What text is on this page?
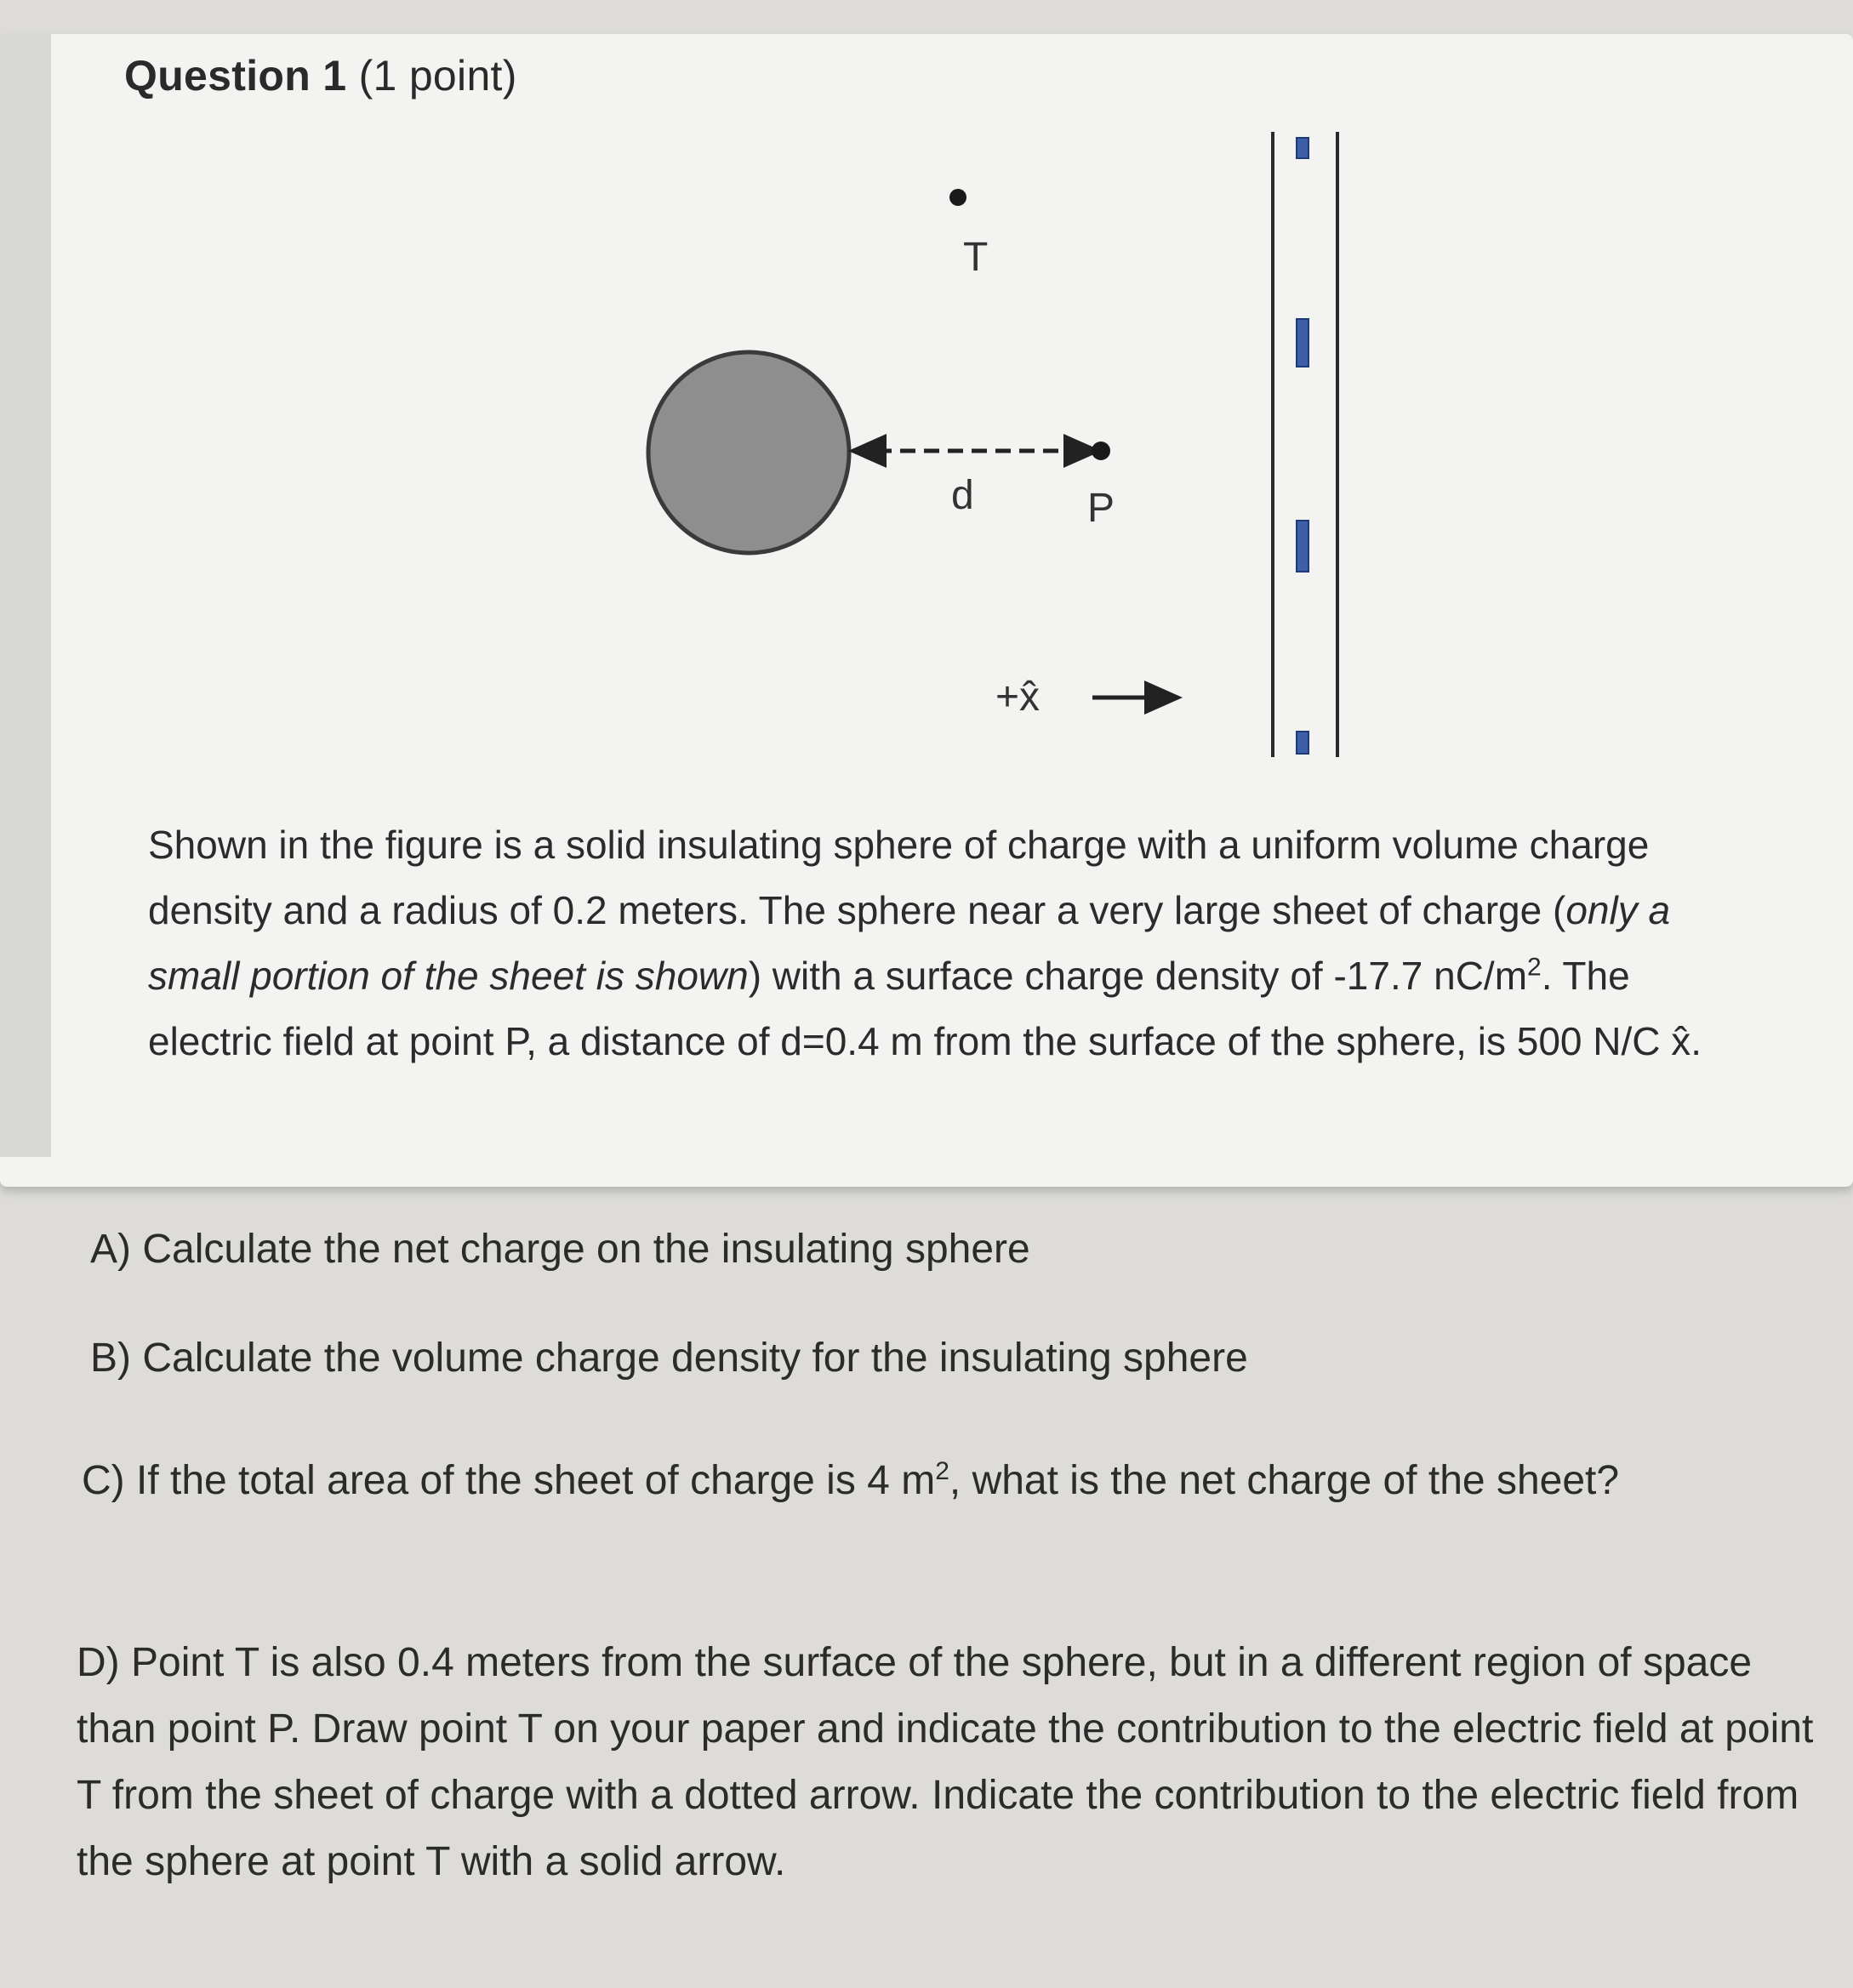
Question 1 (1 point)
T
d	P
+x̂
Shown in the figure is a solid insulating sphere of charge with a uniform volume charge density and a radius of 0.2 meters. The sphere near a very large sheet of charge (only a small portion of the sheet is shown) with a surface charge density of -17.7 $nC/m^2$. The electric field at point P, a distance of d=0.4 m from the surface of the sphere, is 500 N/C x̂.

A) Calculate the net charge on the insulating sphere

B) Calculate the volume charge density for the insulating sphere

C) If the total area of the sheet of charge is 4 $m^2$, what is the net charge of the sheet?

D) Point T is also 0.4 meters from the surface of the sphere, but in a different region of space than point P. Draw point T on your paper and indicate the contribution to the electric field at point T from the sheet of charge with a dotted arrow. Indicate the contribution to the electric field from the sphere at point T with a solid arrow.
